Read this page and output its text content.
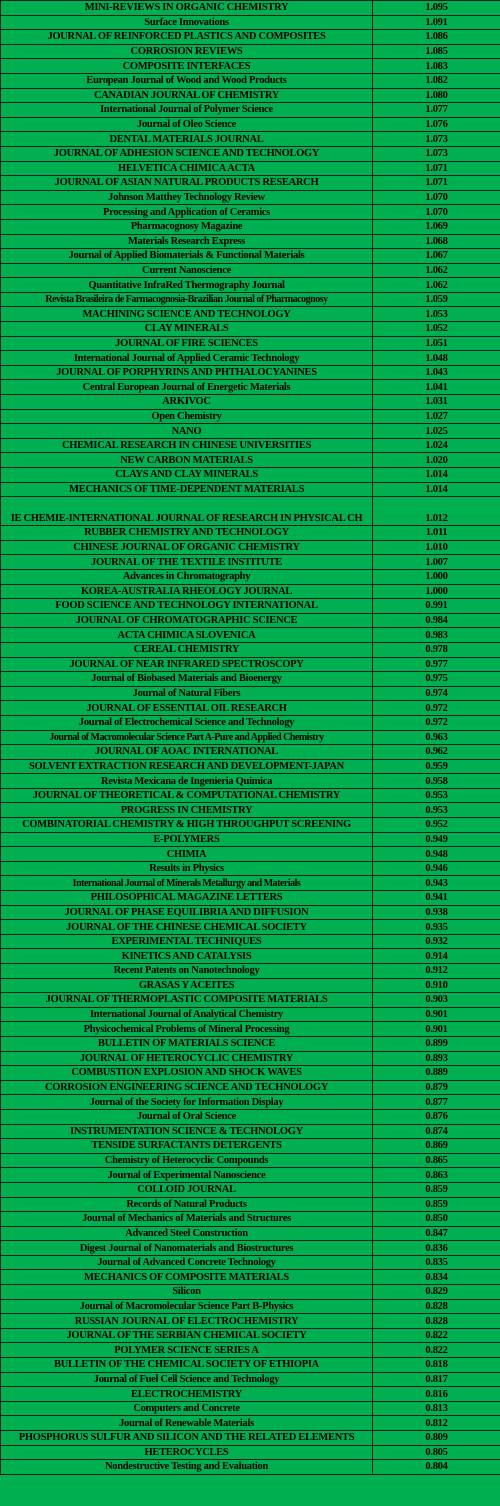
MINI-REVIEWS IN ORGANIC CHEMISTRY	1.095
Surface Innovations	1.091
JOURNAL OF REINFORCED PLASTICS AND COMPOSITES	1.086
CORROSION REVIEWS	1.085
COMPOSITE INTERFACES	1.083
European Journal of Wood and Wood Products	1.082
CANADIAN JOURNAL OF CHEMISTRY	1.080
International Journal of Polymer Science	1.077
Journal of Oleo Science	1.076
DENTAL MATERIALS JOURNAL	1.073
JOURNAL OF ADHESION SCIENCE AND TECHNOLOGY	1.073
HELVETICA CHIMICA ACTA	1.071
JOURNAL OF ASIAN NATURAL PRODUCTS RESEARCH	1.071
Johnson Matthey Technology Review	1.070
Processing and Application of Ceramics	1.070
Pharmacognosy Magazine	1.069
Materials Research Express	1.068
Journal of Applied Biomaterials & Functional Materials	1.067
Current Nanoscience	1.062
Quantitative InfraRed Thermography Journal	1.062
Revista Brasileira de Farmacognosia-Brazilian Journal of Pharmacognosy	1.059
MACHINING SCIENCE AND TECHNOLOGY	1.053
CLAY MINERALS	1.052
JOURNAL OF FIRE SCIENCES	1.051
International Journal of Applied Ceramic Technology	1.048
JOURNAL OF PORPHYRINS AND PHTHALOCYANINES	1.043
Central European Journal of Energetic Materials	1.041
ARKIVOC	1.031
Open Chemistry	1.027
NANO	1.025
CHEMICAL RESEARCH IN CHINESE UNIVERSITIES	1.024
NEW CARBON MATERIALS	1.020
CLAYS AND CLAY MINERALS	1.014
MECHANICS OF TIME-DEPENDENT MATERIALS	1.014
IE CHEMIE-INTERNATIONAL JOURNAL OF RESEARCH IN PHYSICAL CH	1.012
RUBBER CHEMISTRY AND TECHNOLOGY	1.011
CHINESE JOURNAL OF ORGANIC CHEMISTRY	1.010
JOURNAL OF THE TEXTILE INSTITUTE	1.007
Advances in Chromatography	1.000
KOREA-AUSTRALIA RHEOLOGY JOURNAL	1.000
FOOD SCIENCE AND TECHNOLOGY INTERNATIONAL	0.991
JOURNAL OF CHROMATOGRAPHIC SCIENCE	0.984
ACTA CHIMICA SLOVENICA	0.983
CEREAL CHEMISTRY	0.978
JOURNAL OF NEAR INFRARED SPECTROSCOPY	0.977
Journal of Biobased Materials and Bioenergy	0.975
Journal of Natural Fibers	0.974
JOURNAL OF ESSENTIAL OIL RESEARCH	0.972
Journal of Electrochemical Science and Technology	0.972
Journal of Macromolecular Science Part A-Pure and Applied Chemistry	0.963
JOURNAL OF AOAC INTERNATIONAL	0.962
SOLVENT EXTRACTION RESEARCH AND DEVELOPMENT-JAPAN	0.959
Revista Mexicana de Ingenieria Quimica	0.958
JOURNAL OF THEORETICAL & COMPUTATIONAL CHEMISTRY	0.953
PROGRESS IN CHEMISTRY	0.953
COMBINATORIAL CHEMISTRY & HIGH THROUGHPUT SCREENING	0.952
E-POLYMERS	0.949
CHIMIA	0.948
Results in Physics	0.946
International Journal of Minerals Metallurgy and Materials	0.943
PHILOSOPHICAL MAGAZINE LETTERS	0.941
JOURNAL OF PHASE EQUILIBRIA AND DIFFUSION	0.938
JOURNAL OF THE CHINESE CHEMICAL SOCIETY	0.935
EXPERIMENTAL TECHNIQUES	0.932
KINETICS AND CATALYSIS	0.914
Recent Patents on Nanotechnology	0.912
GRASAS Y ACEITES	0.910
JOURNAL OF THERMOPLASTIC COMPOSITE MATERIALS	0.903
International Journal of Analytical Chemistry	0.901
Physicochemical Problems of Mineral Processing	0.901
BULLETIN OF MATERIALS SCIENCE	0.899
JOURNAL OF HETEROCYCLIC CHEMISTRY	0.893
COMBUSTION EXPLOSION AND SHOCK WAVES	0.889
CORROSION ENGINEERING SCIENCE AND TECHNOLOGY	0.879
Journal of the Society for Information Display	0.877
Journal of Oral Science	0.876
INSTRUMENTATION SCIENCE & TECHNOLOGY	0.874
TENSIDE SURFACTANTS DETERGENTS	0.869
Chemistry of Heterocyclic Compounds	0.865
Journal of Experimental Nanoscience	0.863
COLLOID JOURNAL	0.859
Records of Natural Products	0.859
Journal of Mechanics of Materials and Structures	0.850
Advanced Steel Construction	0.847
Digest Journal of Nanomaterials and Biostructures	0.836
Journal of Advanced Concrete Technology	0.835
MECHANICS OF COMPOSITE MATERIALS	0.834
Silicon	0.829
Journal of Macromolecular Science Part B-Physics	0.828
RUSSIAN JOURNAL OF ELECTROCHEMISTRY	0.828
JOURNAL OF THE SERBIAN CHEMICAL SOCIETY	0.822
POLYMER SCIENCE SERIES A	0.822
BULLETIN OF THE CHEMICAL SOCIETY OF ETHIOPIA	0.818
Journal of Fuel Cell Science and Technology	0.817
ELECTROCHEMISTRY	0.816
Computers and Concrete	0.813
Journal of Renewable Materials	0.812
PHOSPHORUS SULFUR AND SILICON AND THE RELATED ELEMENTS	0.809
HETEROCYCLES	0.805
Nondestructive Testing and Evaluation	0.804
